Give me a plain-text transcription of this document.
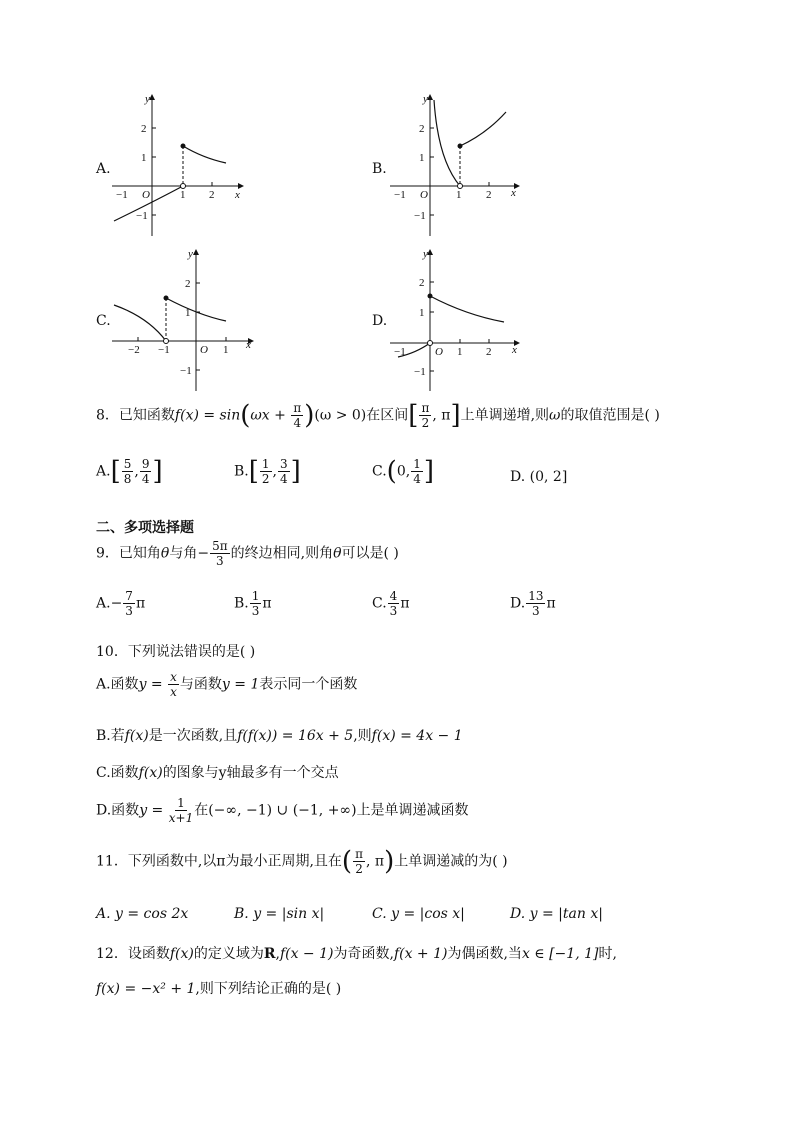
A.
y
x
O
2
1
−1
−1	1 2
B.
y
x
O
2
1
−1
−1	1 2
C.
y
x
O
2
1
−1
−2 −1	1
D.
y
x
O
2
1
−1
−1	1 2
8．已知函数$f(x) = \sin(\omega x + \frac{\pi}{4} )(\omega > 0)$在区间[ $\frac{\pi}{2}$ , π]上单调递增,则ω的取值范围是( )
$A.[ \frac{5}{8}$ , $\frac{9}{4}$ ]	$B.[ \frac{1}{2}$ , $\frac{3}{4}$ ]	C.(0, $\frac{1}{4}$ ]	D. (0, 2]
二、多项选择题
9．已知角θ与角− $\frac{5\pi}{3}$ 的终边相同,则角θ可以是( )
$A.- \frac{7}{3}$ π	B. $\frac{1}{3}$ π	C. $\frac{4}{3}$ π	D. $\frac{13}{3}$ π
10．下列说法错误的是( )
A.函数$y = \frac{x}{x}$ 与函数y = 1表示同一个函数
B.若f(x)是一次函数,且f(f(x)) = 16x + 5,则f(x) = 4x − 1
C.函数f(x)的图象与y轴最多有一个交点
D.函数$y = \frac{1}{x+1}$ 在(−∞, −1) ∪ (−1, +∞)上是单调递减函数
11．下列函数中,以π为最小正周期,且在( $\frac{\pi}{2}$ , π)上单调递减的为( )
A. y = cos 2x	B. y = |sin x|	C. y = |cos x|	D. y = |tan x|
12．设函数f(x)的定义域为R,f(x − 1)为奇函数,f(x + 1)为偶函数,当x ∈ [−1, 1]时,
f(x) = −x² + 1,则下列结论正确的是( )
